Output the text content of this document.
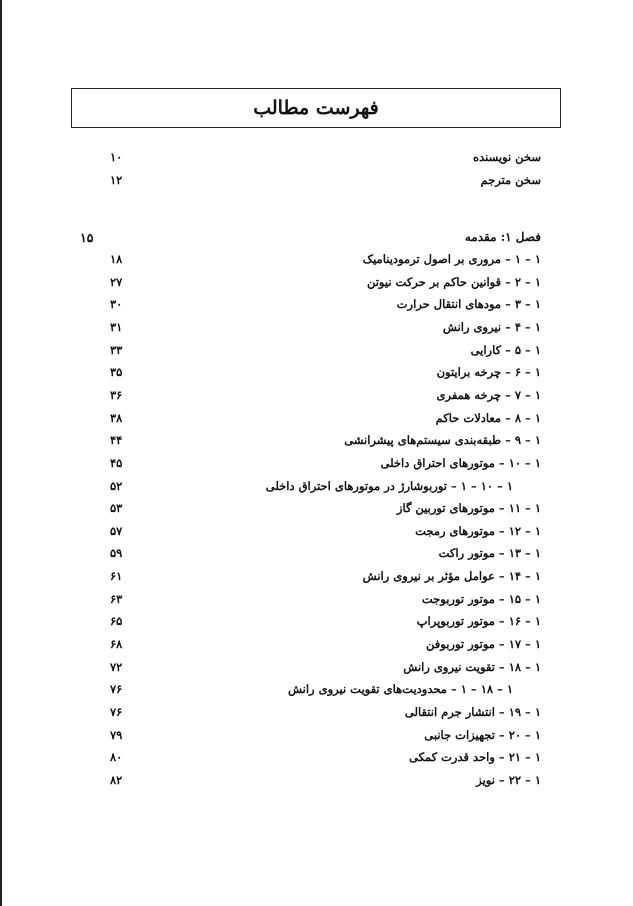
فهرست مطالب
سخن نویسنده
۱۰
سخن مترجم
۱۲
فصل ۱: مقدمه
۱۵
۱ – ۱ – مروری بر اصول ترمودینامیک
۱۸
۱ – ۲ – قوانین حاکم بر حرکت نیوتن
۲۷
۱ – ۳ – مودهای انتقال حرارت
۳۰
۱ – ۴ – نیروی رانش
۳۱
۱ – ۵ – کارایی
۳۳
۱ – ۶ – چرخه برایتون
۳۵
۱ – ۷ – چرخه همفری
۳۶
۱ – ۸ – معادلات حاکم
۳۸
۱ – ۹ – طبقه‌بندی سیستم‌های پیشرانشی
۴۴
۱ – ۱۰ – موتورهای احتراق داخلی
۴۵
۱ – ۱۰ – ۱ – توربوشارژ در موتورهای احتراق داخلی
۵۲
۱ – ۱۱ – موتورهای توربین گاز
۵۳
۱ – ۱۲ – موتورهای رمجت
۵۷
۱ – ۱۳ – موتور راکت
۵۹
۱ – ۱۴ – عوامل مؤثر بر نیروی رانش
۶۱
۱ – ۱۵ – موتور توربوجت
۶۳
۱ – ۱۶ – موتور توربوپراپ
۶۵
۱ – ۱۷ – موتور توربوفن
۶۸
۱ – ۱۸ – تقویت نیروی رانش
۷۲
۱ – ۱۸ – ۱ – محدودیت‌های تقویت نیروی رانش
۷۶
۱ – ۱۹ – انتشار جرم انتقالی
۷۶
۱ – ۲۰ – تجهیزات جانبی
۷۹
۱ – ۲۱ – واحد قدرت کمکی
۸۰
۱ – ۲۲ – نویز
۸۲
